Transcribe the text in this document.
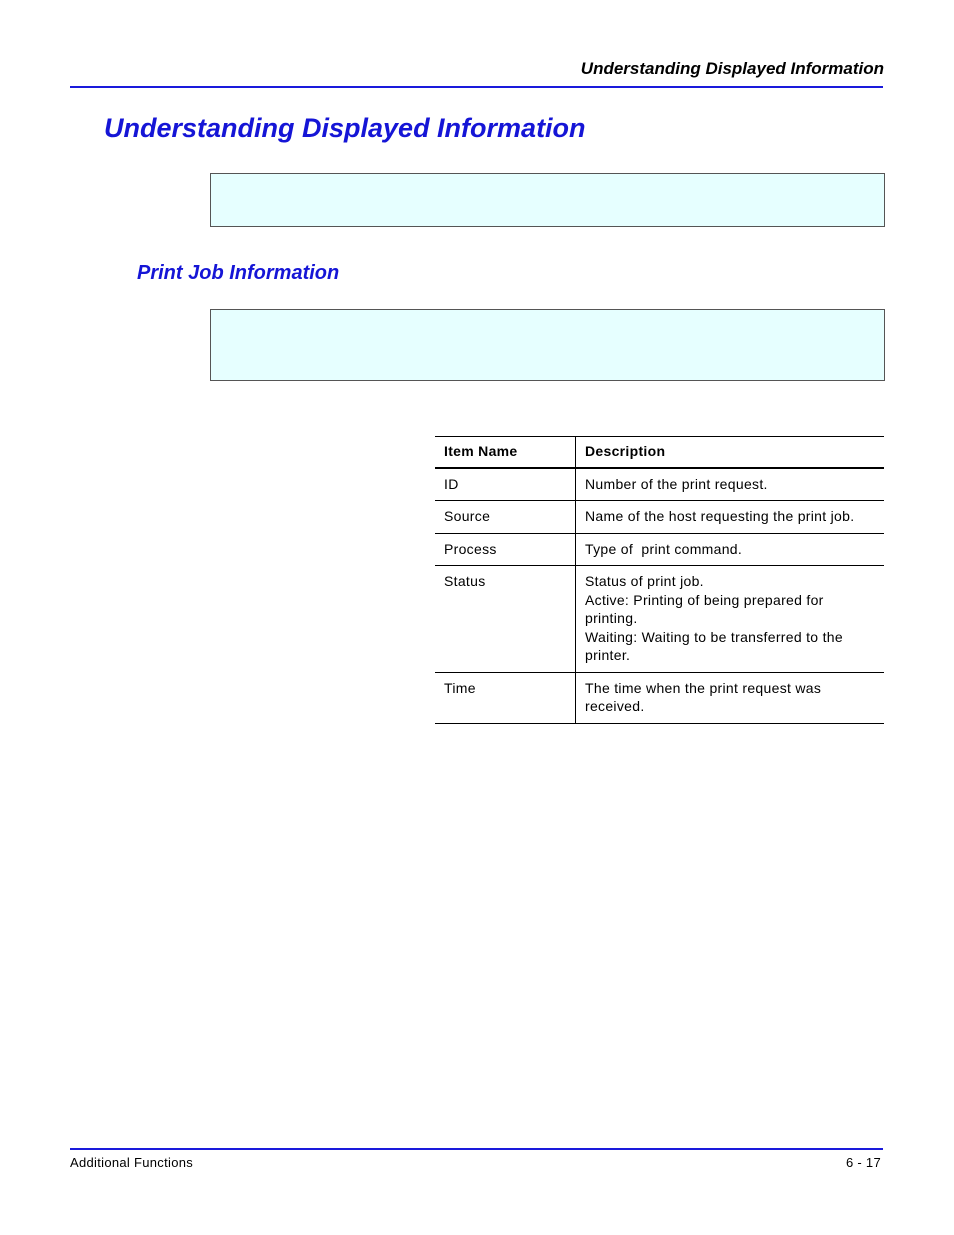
Understanding Displayed Information
Understanding Displayed Information
Print Job Information
Item Name	Description
ID	Number of the print request.

Source	Name of the host requesting the print job.

Process	Type of  print command.

Status	Status of print job.
Active: Printing of being prepared for printing.
Waiting: Waiting to be transferred to the printer.

Time	The time when the print request was received.
Additional Functions	6 - 17
